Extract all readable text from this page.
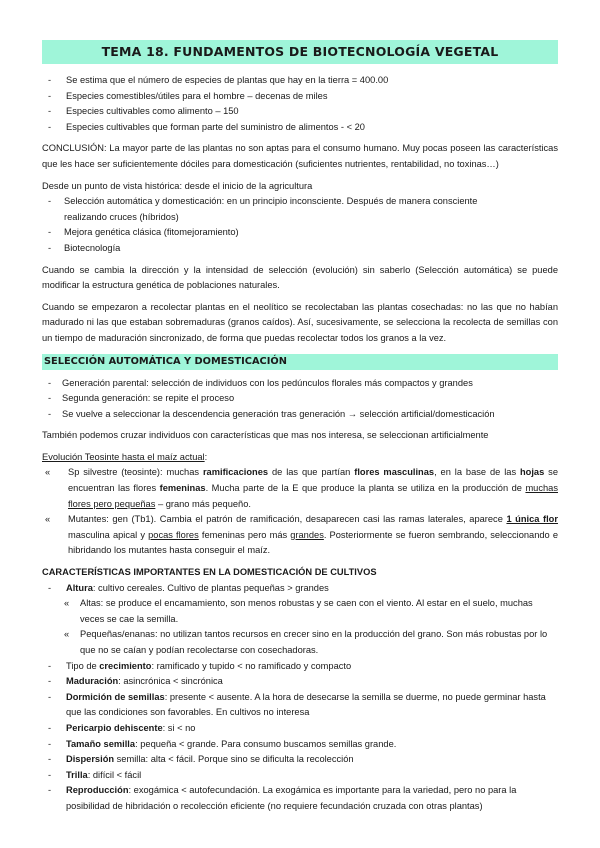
TEMA 18. FUNDAMENTOS DE BIOTECNOLOGÍA VEGETAL
- Se estima que el número de especies de plantas que hay en la tierra = 400.00
- Especies comestibles/útiles para el hombre – decenas de miles
- Especies cultivables como alimento – 150
- Especies cultivables que forman parte del suministro de alimentos - < 20

CONCLUSIÓN: La mayor parte de las plantas no son aptas para el consumo humano. Muy pocas poseen las características que les hace ser suficientemente dóciles para domesticación (suficientes nutrientes, rentabilidad, no toxinas…)

Desde un punto de vista histórica: desde el inicio de la agricultura

- Selección automática y domesticación: en un principio inconsciente. Después de manera consciente realizando cruces (híbridos)
- Mejora genética clásica (fitomejoramiento)
- Biotecnología

Cuando se cambia la dirección y la intensidad de selección (evolución) sin saberlo (Selección automática) se puede modificar la estructura genética de poblaciones naturales.

Cuando se empezaron a recolectar plantas en el neolítico se recolectaban las plantas cosechadas: no las que no habían madurado ni las que estaban sobremaduras (granos caídos). Así, sucesivamente, se selecciona la recolecta de semillas con un tiempo de maduración sincronizado, de forma que puedas recolectar todos los granos a la vez.

SELECCIÓN AUTOMÁTICA Y DOMESTICACIÓN
- Generación parental: selección de individuos con los pedúnculos florales más compactos y grandes
- Segunda generación: se repite el proceso
- Se vuelve a seleccionar la descendencia generación tras generación → selección artificial/domesticación

También podemos cruzar individuos con características que mas nos interesa, se seleccionan artificialmente

Evolución Teosinte hasta el maíz actual:

« Sp silvestre (teosinte): muchas ramificaciones de las que partían flores masculinas, en la base de las hojas se encuentran las flores femeninas. Mucha parte de la E que produce la planta se utiliza en la producción de muchas flores pero pequeñas – grano más pequeño.
« Mutantes: gen (Tb1). Cambia el patrón de ramificación, desaparecen casi las ramas laterales, aparece 1 única flor masculina apical y pocas flores femeninas pero más grandes. Posteriormente se fueron sembrando, seleccionando e hibridando los mutantes hasta conseguir el maíz.

CARACTERÍSTICAS IMPORTANTES EN LA DOMESTICACIÓN DE CULTIVOS

- Altura: cultivo cereales. Cultivo de plantas pequeñas > grandes
« Altas: se produce el encamamiento, son menos robustas y se caen con el viento. Al estar en el suelo, muchas veces se cae la semilla.
« Pequeñas/enanas: no utilizan tantos recursos en crecer sino en la producción del grano. Son más robustas por lo que no se caían y podían recolectarse con cosechadoras.
- Tipo de crecimiento: ramificado y tupido < no ramificado y compacto
- Maduración: asincrónica < sincrónica
- Dormición de semillas: presente < ausente. A la hora de desecarse la semilla se duerme, no puede germinar hasta que las condiciones son favorables. En cultivos no interesa
- Pericarpio dehiscente: si < no
- Tamaño semilla: pequeña < grande. Para consumo buscamos semillas grande.
- Dispersión semilla: alta < fácil. Porque sino se dificulta la recolección
- Trilla: difícil < fácil
- Reproducción: exogámica < autofecundación. La exogámica es importante para la variedad, pero no para la posibilidad de hibridación o recolección eficiente (no requiere fecundación cruzada con otras plantas)
